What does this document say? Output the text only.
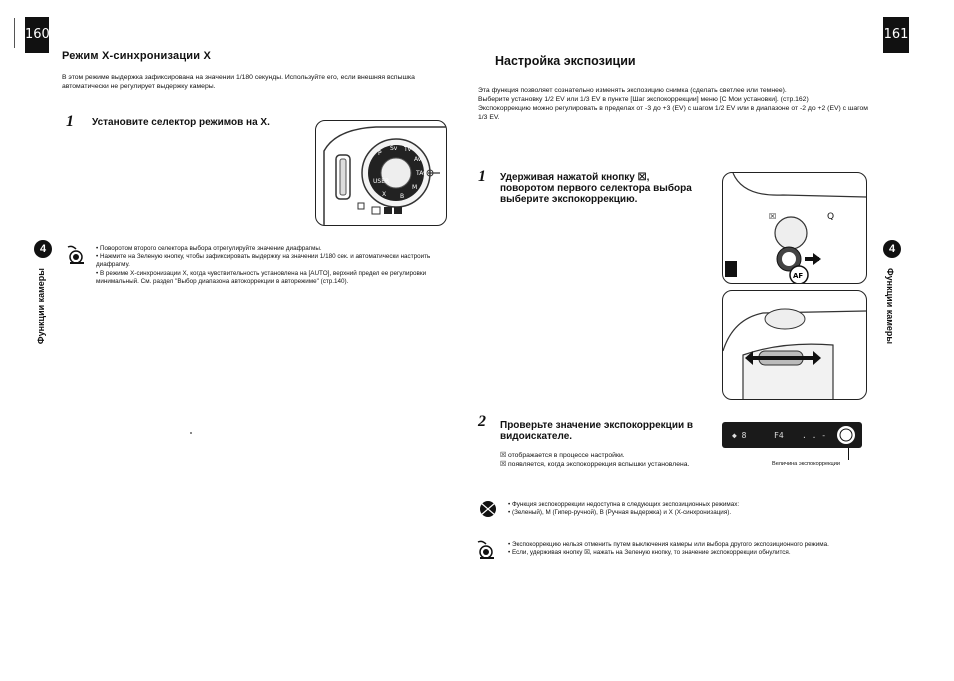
160
Режим X-синхронизации X
В этом режиме выдержка зафиксирована на значении 1/180 секунды. Используйте его, если внешняя вспышка автоматически не регулирует выдержку камеры.
1 Установите селектор режимов на X.
P
Sv Tv
Av
TAv
M
B
X
USER
4
Функции камеры
• Поворотом второго селектора выбора отрегулируйте значение диафрагмы.
• Нажмите на Зеленую кнопку, чтобы зафиксировать выдержку на значении 1/180 сек. и автоматически настроить диафрагму.
• В режиме X-синхронизации X, когда чувствительность установлена на [AUTO], верхний предел ее регулировки минимальный. См. раздел "Выбор диапазона автокоррекции в авторежиме" (стр.140).
161
Настройка экспозиции
Эта функция позволяет сознательно изменять экспозицию снимка (сделать светлее или темнее).
Выберите установку 1/2 EV или 1/3 EV в пункте [Шаг экспокоррекции] меню [C Мои установки]. (стр.162)
Экспокоррекцию можно регулировать в пределах от -3 до +3 (EV) с шагом 1/2 EV или в диапазоне от -2 до +2 (EV) с шагом 1/3 EV.
1 Удерживая нажатой кнопку ☒, поворотом первого селектора выбора выберите экспокоррекцию.
☒	Q
AF
2 Проверьте значение экспокоррекции в видоискателе.
☒ отображается в процессе настройки.
☒ появляется, когда экспокоррекция вспышки установлена.
◆ 8	F4 . . -
Величина экспокоррекции
• Функция экспокоррекции недоступна в следующих экспозиционных режимах:
• (Зеленый), M (Гипер-ручной), B (Ручная выдержка) и X (X-синхронизация).
• Экспокоррекцию нельзя отменить путем выключения камеры или выбора другого экспозиционного режима.
• Если, удерживая кнопку ☒, нажать на Зеленую кнопку, то значение экспокоррекции обнулится.
4
Функции камеры
